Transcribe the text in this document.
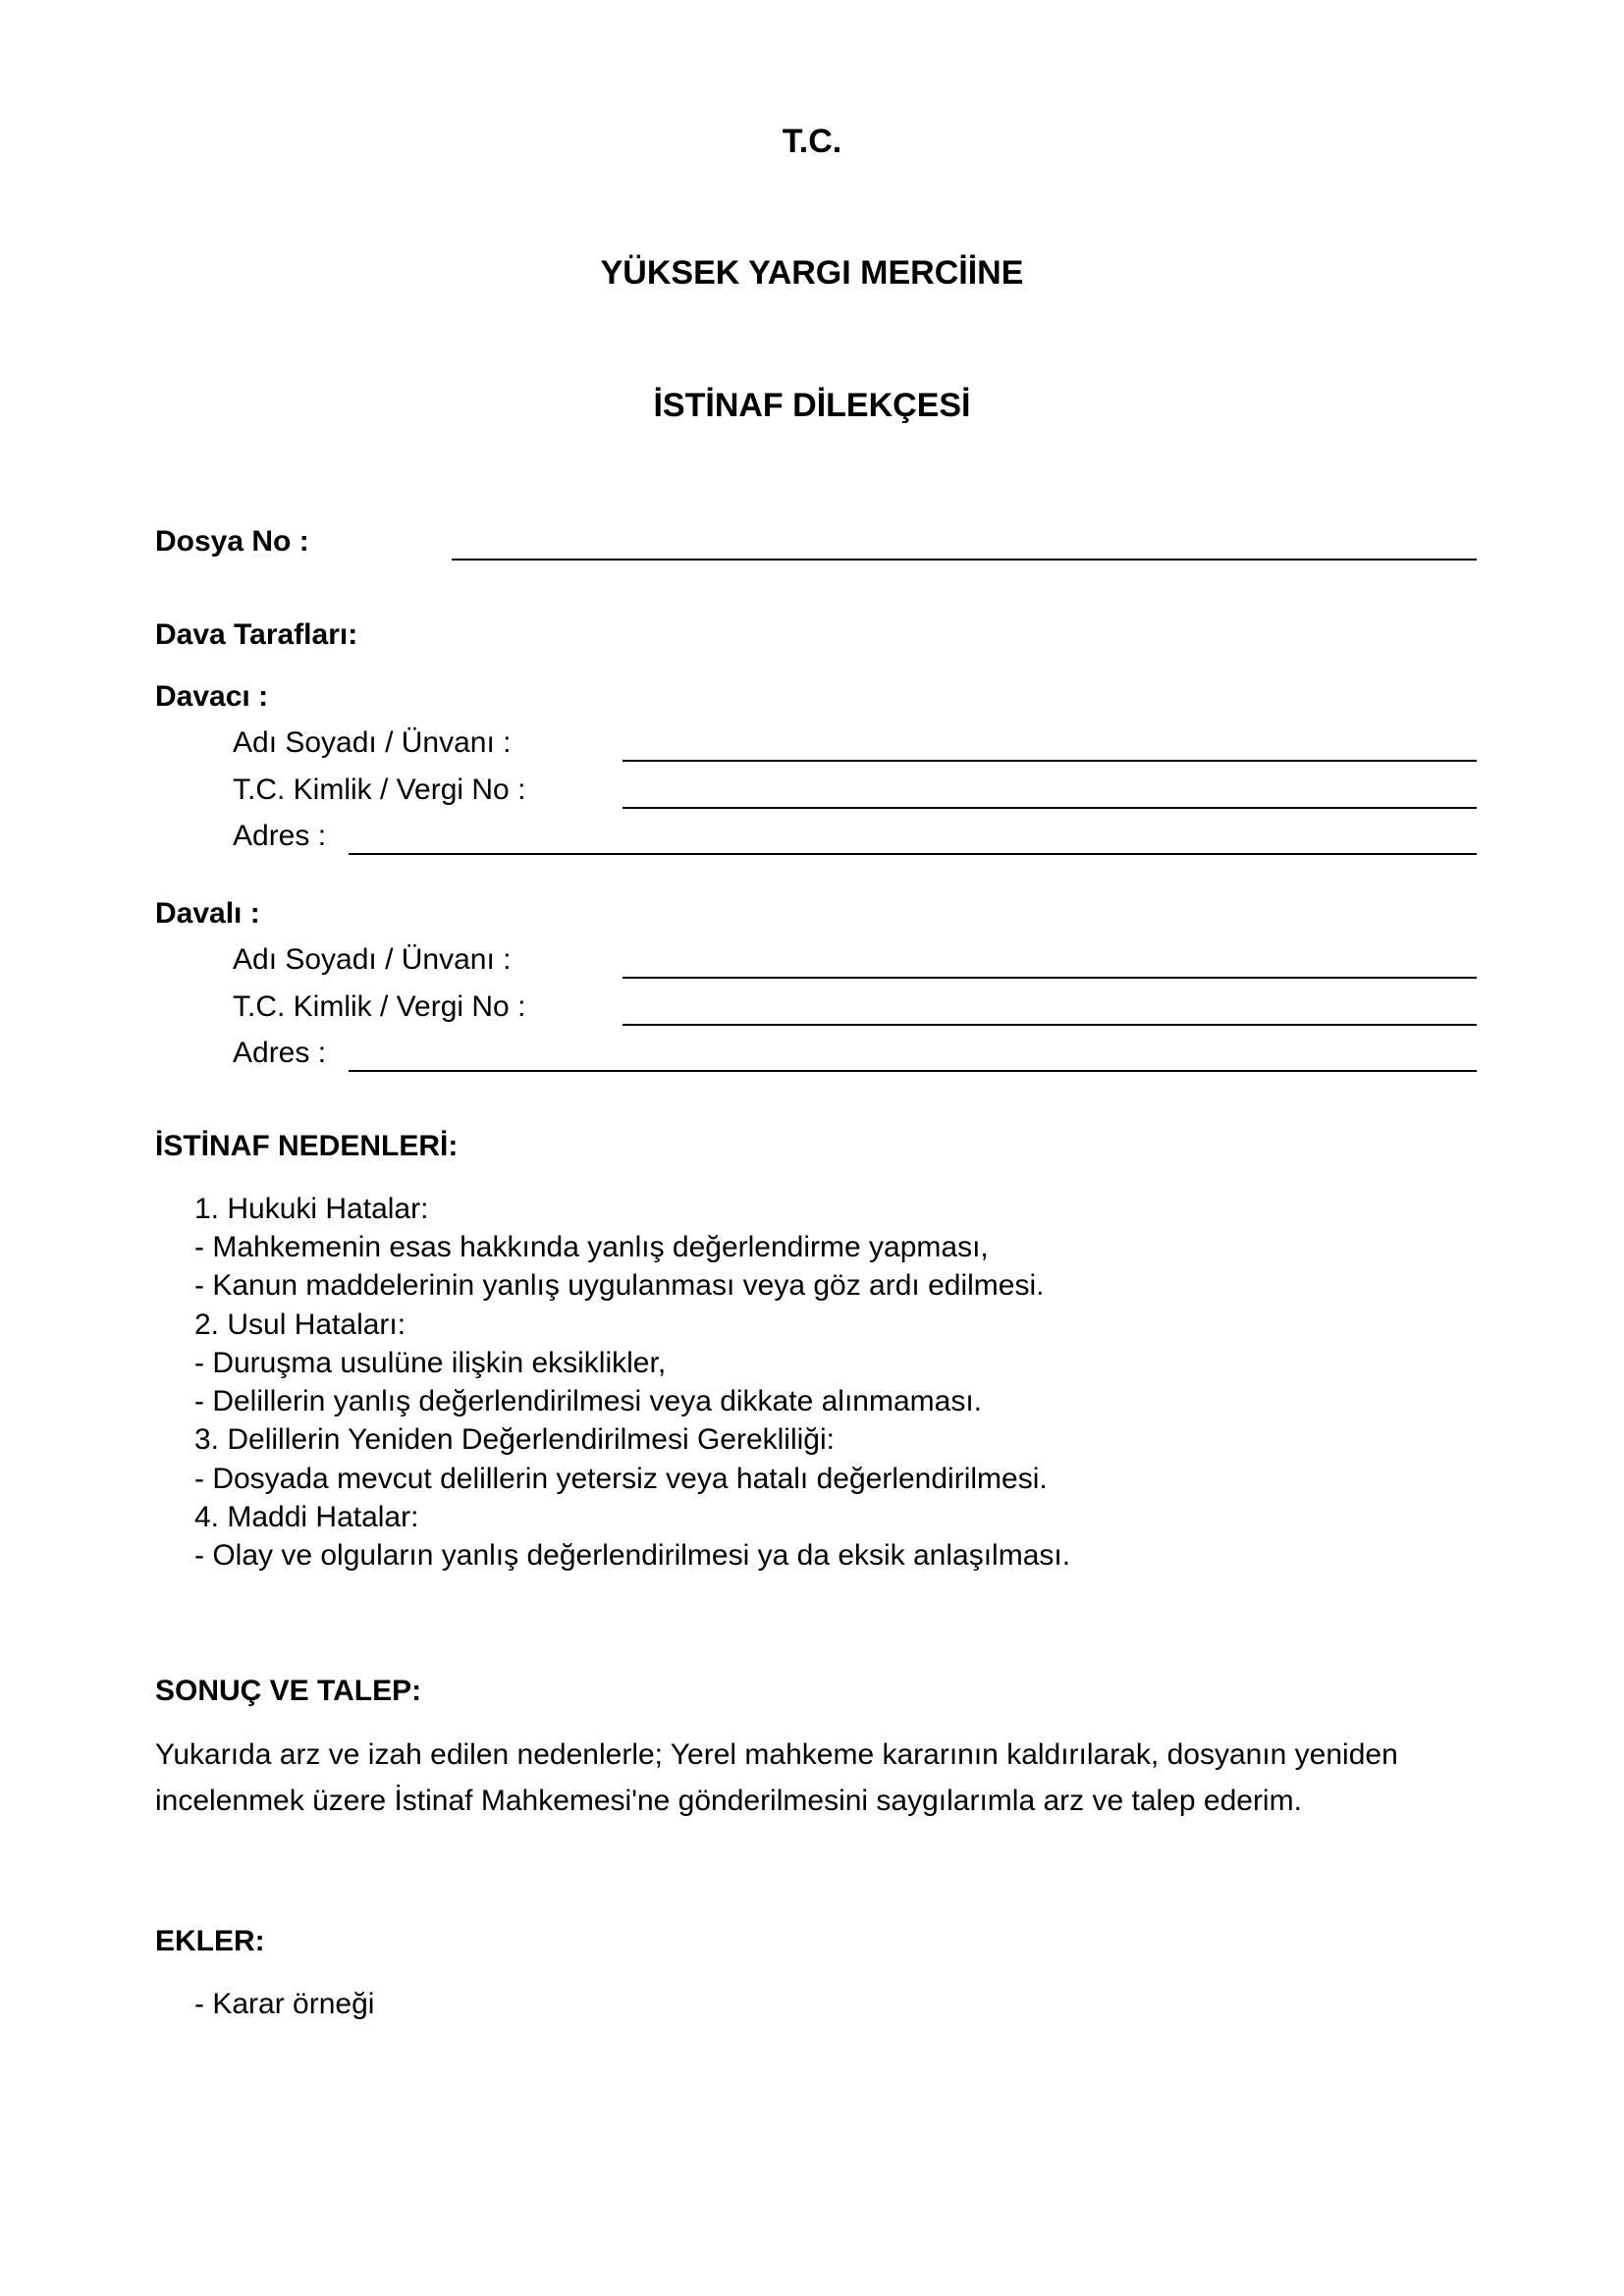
T.C.
YÜKSEK YARGI MERCİİNE
İSTİNAF DİLEKÇESİ
Dosya No :
Dava Tarafları:
Davacı :
Adı Soyadı / Ünvanı :
T.C. Kimlik / Vergi No :
Adres :
Davalı :
Adı Soyadı / Ünvanı :
T.C. Kimlik / Vergi No :
Adres :
İSTİNAF NEDENLERİ:
1. Hukuki Hatalar:
- Mahkemenin esas hakkında yanlış değerlendirme yapması,
- Kanun maddelerinin yanlış uygulanması veya göz ardı edilmesi.
2. Usul Hataları:
- Duruşma usulüne ilişkin eksiklikler,
- Delillerin yanlış değerlendirilmesi veya dikkate alınmaması.
3. Delillerin Yeniden Değerlendirilmesi Gerekliliği:
- Dosyada mevcut delillerin yetersiz veya hatalı değerlendirilmesi.
4. Maddi Hatalar:
- Olay ve olguların yanlış değerlendirilmesi ya da eksik anlaşılması.
SONUÇ VE TALEP:
Yukarıda arz ve izah edilen nedenlerle; Yerel mahkeme kararının kaldırılarak, dosyanın yeniden
incelenmek üzere İstinaf Mahkemesi'ne gönderilmesini saygılarımla arz ve talep ederim.
EKLER:
- Karar örneği
